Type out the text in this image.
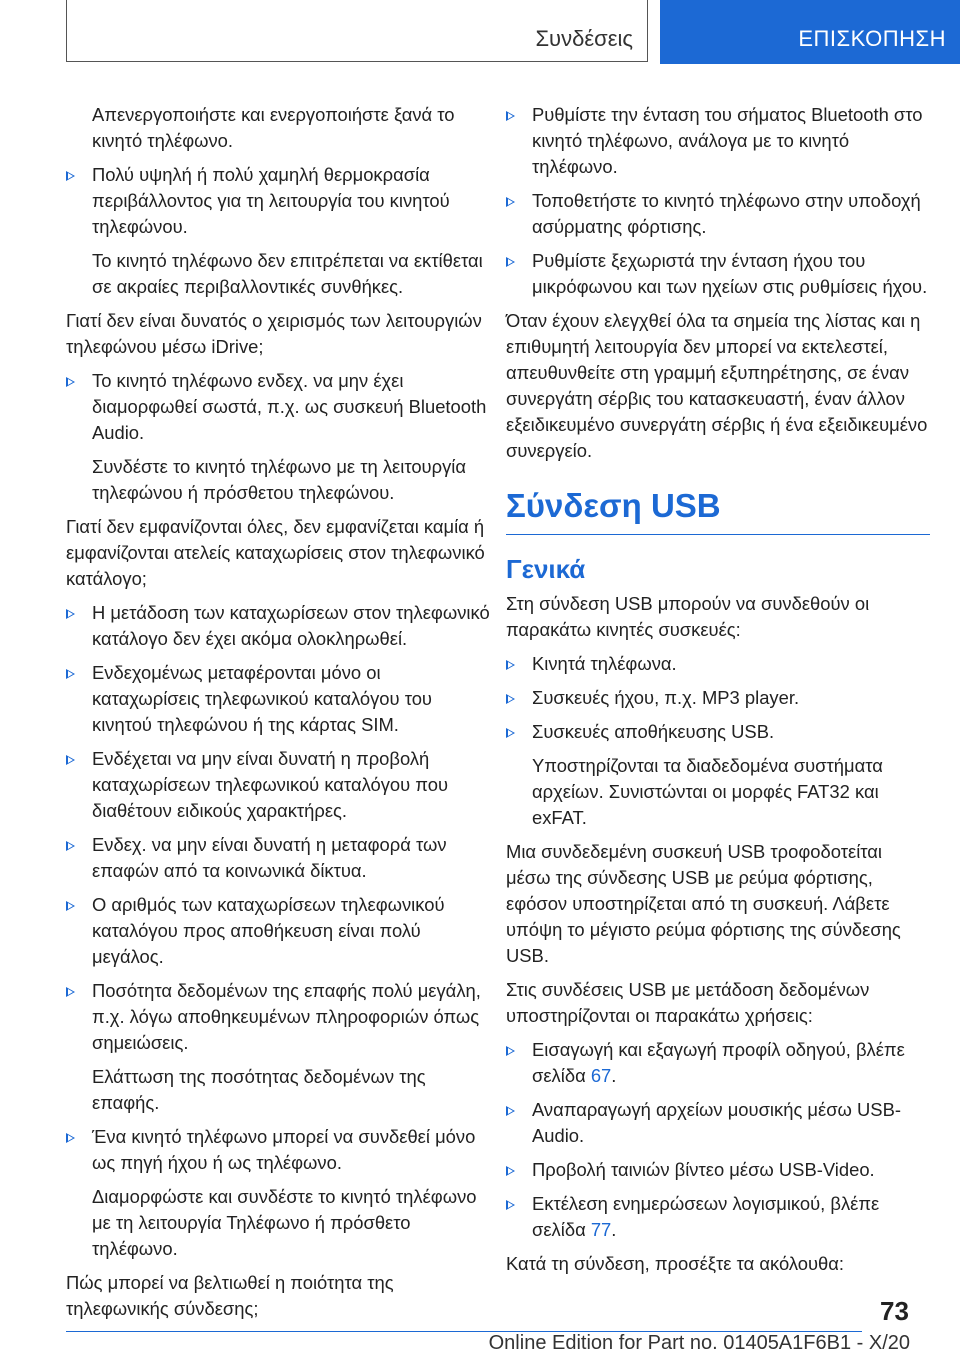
Συνδέσεις	ΕΠΙΣΚΟΠΗΣΗ

Απενεργοποιήστε και ενεργοποιήστε ξανά το κινητό τηλέφωνο.

Πολύ υψηλή ή πολύ χαμηλή θερμοκρασία περιβάλλοντος για τη λειτουργία του κινητού τηλεφώνου.

Το κινητό τηλέφωνο δεν επιτρέπεται να εκτίθεται σε ακραίες περιβαλλοντικές συνθήκες.

Γιατί δεν είναι δυνατός ο χειρισμός των λειτουργιών τηλεφώνου μέσω iDrive;

Το κινητό τηλέφωνο ενδεχ. να μην έχει διαμορφωθεί σωστά, π.χ. ως συσκευή Bluetooth Audio.

Συνδέστε το κινητό τηλέφωνο με τη λειτουργία τηλεφώνου ή πρόσθετου τηλεφώνου.

Γιατί δεν εμφανίζονται όλες, δεν εμφανίζεται καμία ή εμφανίζονται ατελείς καταχωρίσεις στον τηλεφωνικό κατάλογο;

Η μετάδοση των καταχωρίσεων στον τηλεφωνικό κατάλογο δεν έχει ακόμα ολοκληρωθεί.
Ενδεχομένως μεταφέρονται μόνο οι καταχωρίσεις τηλεφωνικού καταλόγου του κινητού τηλεφώνου ή της κάρτας SIM.
Ενδέχεται να μην είναι δυνατή η προβολή καταχωρίσεων τηλεφωνικού καταλόγου που διαθέτουν ειδικούς χαρακτήρες.
Ενδεχ. να μην είναι δυνατή η μεταφορά των επαφών από τα κοινωνικά δίκτυα.
Ο αριθμός των καταχωρίσεων τηλεφωνικού καταλόγου προς αποθήκευση είναι πολύ μεγάλος.
Ποσότητα δεδομένων της επαφής πολύ μεγάλη, π.χ. λόγω αποθηκευμένων πληροφοριών όπως σημειώσεις.

Ελάττωση της ποσότητας δεδομένων της επαφής.

Ένα κινητό τηλέφωνο μπορεί να συνδεθεί μόνο ως πηγή ήχου ή ως τηλέφωνο.

Διαμορφώστε και συνδέστε το κινητό τηλέφωνο με τη λειτουργία Τηλέφωνο ή πρόσθετο τηλέφωνο.

Πώς μπορεί να βελτιωθεί η ποιότητα της τηλεφωνικής σύνδεσης;

Ρυθμίστε την ένταση του σήματος Bluetooth στο κινητό τηλέφωνο, ανάλογα με το κινητό τηλέφωνο.
Τοποθετήστε το κινητό τηλέφωνο στην υποδοχή ασύρματης φόρτισης.
Ρυθμίστε ξεχωριστά την ένταση ήχου του μικρόφωνου και των ηχείων στις ρυθμίσεις ήχου.

Όταν έχουν ελεγχθεί όλα τα σημεία της λίστας και η επιθυμητή λειτουργία δεν μπορεί να εκτελεστεί, απευθυνθείτε στη γραμμή εξυπηρέτησης, σε έναν συνεργάτη σέρβις του κατασκευαστή, έναν άλλον εξειδικευμένο συνεργάτη σέρβις ή ένα εξειδικευμένο συνεργείο.

Σύνδεση USB
Γενικά

Στη σύνδεση USB μπορούν να συνδεθούν οι παρακάτω κινητές συσκευές:

Κινητά τηλέφωνα.
Συσκευές ήχου, π.χ. MP3 player.
Συσκευές αποθήκευσης USB.

Υποστηρίζονται τα διαδεδομένα συστήματα αρχείων. Συνιστώνται οι μορφές FAT32 και exFAT.

Μια συνδεδεμένη συσκευή USB τροφοδοτείται μέσω της σύνδεσης USB με ρεύμα φόρτισης, εφόσον υποστηρίζεται από τη συσκευή. Λάβετε υπόψη το μέγιστο ρεύμα φόρτισης της σύνδεσης USB.

Στις συνδέσεις USB με μετάδοση δεδομένων υποστηρίζονται οι παρακάτω χρήσεις:

Εισαγωγή και εξαγωγή προφίλ οδηγού, βλέπε σελίδα 67.
Αναπαραγωγή αρχείων μουσικής μέσω USB-Audio.
Προβολή ταινιών βίντεο μέσω USB-Video.
Εκτέλεση ενημερώσεων λογισμικού, βλέπε σελίδα 77.

Κατά τη σύνδεση, προσέξτε τα ακόλουθα:

73
Online Edition for Part no. 01405A1F6B1 - X/20
